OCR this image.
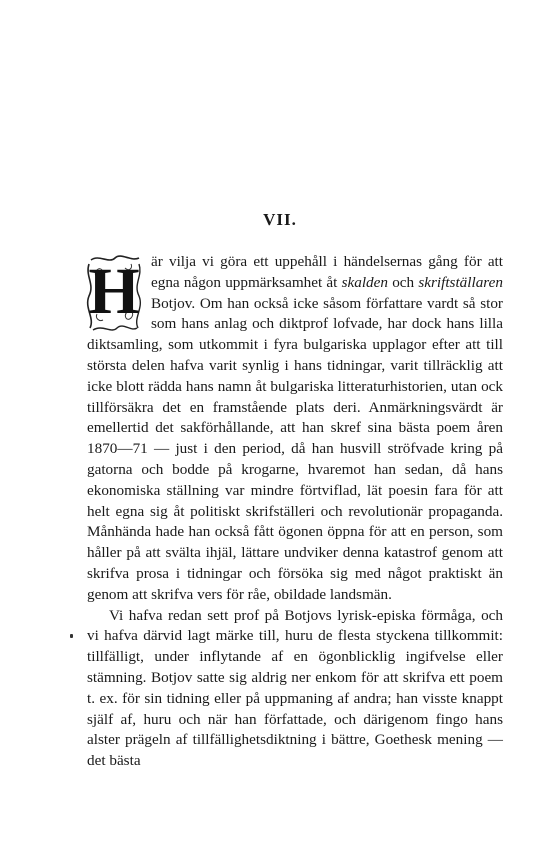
VII.
H är vilja vi göra ett uppehåll i händelsernas gång för att egna någon uppmärksamhet åt skalden och skriftställaren Botjov. Om han också icke såsom författare vardt så stor som hans anlag och diktprof lofvade, har dock hans lilla diktsamling, som utkommit i fyra bulgariska upplagor efter att till största delen hafva varit synlig i hans tidningar, varit tillräcklig att icke blott rädda hans namn åt bulgariska litteraturhistorien, utan ock tillförsäkra det en framstående plats deri. Anmärkningsvärdt är emellertid det sakförhållande, att han skref sina bästa poem åren 1870—71 — just i den period, då han husvill ströfvade kring på gatorna och bodde på krogarne, hvaremot han sedan, då hans ekonomiska ställning var mindre förtviflad, lät poesin fara för att helt egna sig åt politiskt skrifställeri och revolutionär propaganda. Månhända hade han också fått ögonen öppna för att en person, som håller på att svälta ihjäl, lättare undviker denna katastrof genom att skrifva prosa i tidningar och försöka sig med något praktiskt än genom att skrifva vers för råe, obildade landsmän.

Vi hafva redan sett prof på Botjovs lyrisk-episka förmåga, och vi hafva därvid lagt märke till, huru de flesta styckena tillkommit: tillfälligt, under inflytande af en ögonblicklig ingifvelse eller stämning. Botjov satte sig aldrig ner enkom för att skrifva ett poem t. ex. för sin tidning eller på uppmaning af andra; han visste knappt själf af, huru och när han författade, och därigenom fingo hans alster prägeln af tillfällighetsdiktning i bättre, Goethesk mening — det bästa
